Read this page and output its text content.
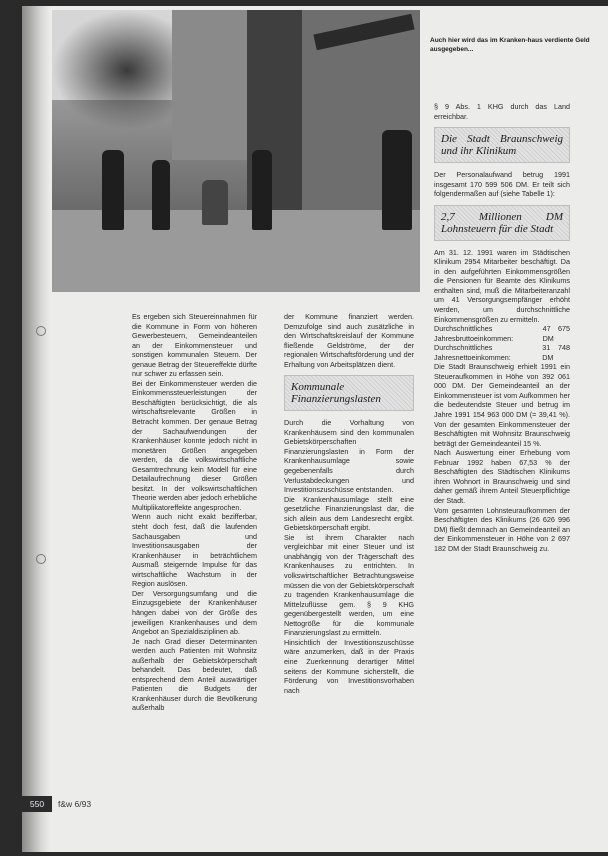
Auch hier wird das im Kranken-haus verdiente Geld ausgegeben...

Es ergeben sich Steuereinnahmen für die Kommune in Form von höheren Gewerbesteuern, Gemeindeanteilen an der Einkommensteuer und sonstigen kommunalen Steuern. Der genaue Betrag der Steuereffekte dürfte nur schwer zu erfassen sein.

Bei der Einkommensteuer werden die Einkommenssteuerleistungen der Beschäftigten berücksichtigt, die als wirtschaftsrelevante Größen in Betracht kommen. Der genaue Betrag der Sachaufwendungen der Krankenhäuser konnte jedoch nicht in monetären Größen angegeben werden, da die volkswirtschaftliche Gesamtrechnung kein Modell für eine Detailaufrechnung dieser Größen besitzt. In der volkswirtschaftlichen Theorie werden aber jedoch erhebliche Multiplikatoreffekte angesprochen.

Wenn auch nicht exakt bezifferbar, steht doch fest, daß die laufenden Sachausgaben und Investitionsausgaben der Krankenhäuser in beträchtlichem Ausmaß steigernde Impulse für das wirtschaftliche Wachstum in der Region auslösen.

Der Versorgungsumfang und die Einzugsgebiete der Krankenhäuser hängen dabei von der Größe des jeweiligen Krankenhauses und dem Angebot an Spezialdisziplinen ab.

Je nach Grad dieser Determinanten werden auch Patienten mit Wohnsitz außerhalb der Gebietskörperschaft behandelt. Das bedeutet, daß entsprechend dem Anteil auswärtiger Patienten die Budgets der Krankenhäuser durch die Bevölkerung außerhalb

der Kommune finanziert werden. Demzufolge sind auch zusätzliche in den Wirtschaftskreislauf der Kommune fließende Geldströme, der der regionalen Wirtschaftsförderung und der Erhaltung von Arbeitsplätzen dient.

Kommunale Finanzierungslasten

Durch die Vorhaltung von Krankenhäusern sind den kommunalen Gebietskörperschaften Finanzierungslasten in Form der Krankenhausumlage sowie gegebenenfalls durch Verlustabdeckungen und Investitionszuschüsse entstanden.

Die Krankenhausumlage stellt eine gesetzliche Finanzierungslast dar, die sich allein aus dem Landesrecht ergibt. Gebietskörperschaft ergibt.

Sie ist ihrem Charakter nach vergleichbar mit einer Steuer und ist unabhängig von der Trägerschaft des Krankenhauses zu entrichten. In volkswirtschaftlicher Betrachtungsweise müssen die von der Gebietskörperschaft zu tragenden Krankenhausumlage die Mittelzuflüsse gem. § 9 KHG gegenübergestellt werden, um eine Nettogröße für die kommunale Finanzierungslast zu ermitteln.

Hinsichtlich der Investitionszuschüsse wäre anzumerken, daß in der Praxis eine Zuerkennung derartiger Mittel seitens der Kommune sicherstellt, die Förderung von Investitionsvorhaben nach

§ 9 Abs. 1 KHG durch das Land erreichbar.

Die Stadt Braunschweig und ihr Klinikum

Der Personalaufwand betrug 1991 insgesamt 170 599 506 DM. Er teilt sich folgendermaßen auf (siehe Tabelle 1):

2,7 Millionen DM Lohnsteuern für die Stadt

Am 31. 12. 1991 waren im Städtischen Klinikum 2954 Mitarbeiter beschäftigt. Da in den aufgeführten Einkommensgrößen die Pensionen für Beamte des Klinikums enthalten sind, muß die Mitarbeiteranzahl um 41 Versorgungsempfänger erhöht werden, um durchschnittliche Einkommensgrößen zu ermitteln.

Durchschnittliches Jahresbruttoeinkommen:
47 675 DM
Durchschnittliches Jahresnettoeinkommen:
31 748 DM

Die Stadt Braunschweig erhielt 1991 ein Steueraufkommen in Höhe von 392 061 000 DM. Der Gemeindeanteil an der Einkommensteuer ist vom Aufkommen her die bedeutendste Steuer und betrug im Jahre 1991 154 963 000 DM (= 39,41 %). Von der gesamten Einkommensteuer der Beschäftigten mit Wohnsitz Braunschweig beträgt der Gemeindeanteil 15 %.

Nach Auswertung einer Erhebung vom Februar 1992 haben 67,53 % der Beschäftigten des Städtischen Klinikums ihren Wohnort in Braunschweig und sind daher gemäß ihrem Anteil Steuerpflichtige der Stadt.

Vom gesamten Lohnsteuraufkommen der Beschäftigten des Klinikums (26 626 996 DM) fließt demnach an Gemeindeanteil an der Einkommensteuer in Höhe von 2 697 182 DM der Stadt Braunschweig zu.

550	f&w 6/93
